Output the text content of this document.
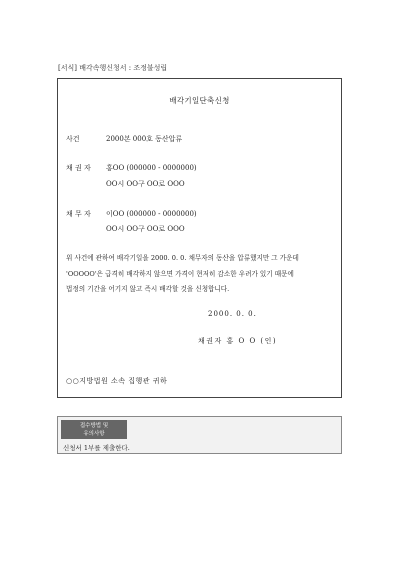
[서식] 배각속행신청서 : 조정불성립
배각기일단축신청
사건	2000본 000호 동산압류
채 권 자 홍OO (000000 - 0000000)
OO시 OO구 OO로 OOO
채 무 자 이OO (000000 - 0000000)
OO시 OO구 OO로 OOO
위 사건에 관하여 배각기일을 2000. 0. 0. 채무자의 동산을 압류했지만 그 가운데
'OOOOO'은 급격히 배각하지 않으면 가격이 현저히 감소한 우려가 있기 때문에
법정의 기간을 어기지 않고 즉시 배각할 것을 신청합니다.
2000. 0. 0.
채권자 홍 O O (인)
○○지방법원 소속 집행관 귀하
접수방법 및
유의사항
신청서 1부를 제출한다.
